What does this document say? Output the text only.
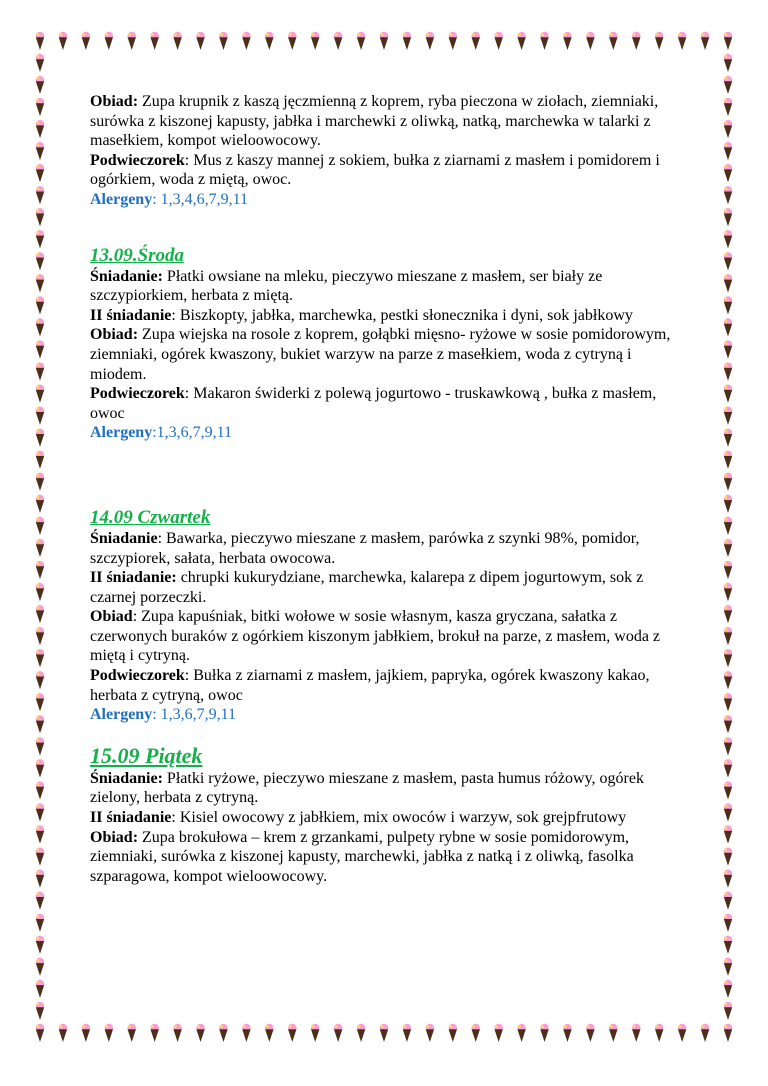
Obiad: Zupa krupnik z kaszą jęczmienną z koprem, ryba pieczona w ziołach, ziemniaki, surówka z kiszonej kapusty, jabłka i marchewki z oliwką, natką, marchewka w talarki z masełkiem, kompot wieloowocowy.

Podwieczorek: Mus z kaszy mannej z sokiem, bułka z ziarnami z masłem i pomidorem i ogórkiem, woda z miętą, owoc.

Alergeny: 1,3,4,6,7,9,11

13.09.Środa

Śniadanie: Płatki owsiane na mleku, pieczywo mieszane z masłem, ser biały ze szczypiorkiem, herbata z miętą.

II śniadanie: Biszkopty, jabłka, marchewka, pestki słonecznika i dyni, sok jabłkowy

Obiad: Zupa wiejska na rosole z koprem, gołąbki mięsno- ryżowe w sosie pomidorowym, ziemniaki, ogórek kwaszony, bukiet warzyw na parze z masełkiem, woda z cytryną i miodem.

Podwieczorek: Makaron świderki z polewą jogurtowo - truskawkową , bułka z masłem, owoc

Alergeny:1,3,6,7,9,11

14.09 Czwartek

Śniadanie: Bawarka, pieczywo mieszane z masłem, parówka z szynki 98%, pomidor, szczypiorek, sałata, herbata owocowa.

II śniadanie: chrupki kukurydziane, marchewka, kalarepa z dipem jogurtowym, sok z czarnej porzeczki.

Obiad: Zupa kapuśniak, bitki wołowe w sosie własnym, kasza gryczana, sałatka z czerwonych buraków z ogórkiem kiszonym jabłkiem, brokuł na parze, z masłem, woda z miętą i cytryną.

Podwieczorek: Bułka z ziarnami z masłem, jajkiem, papryka, ogórek kwaszony kakao, herbata z cytryną, owoc

Alergeny: 1,3,6,7,9,11

15.09 Piątek

Śniadanie: Płatki ryżowe, pieczywo mieszane z masłem, pasta humus różowy, ogórek zielony, herbata z cytryną.

II śniadanie: Kisiel owocowy z jabłkiem, mix owoców i warzyw, sok grejpfrutowy

Obiad: Zupa brokułowa – krem z grzankami, pulpety rybne w sosie pomidorowym, ziemniaki, surówka z kiszonej kapusty, marchewki, jabłka z natką i z oliwką, fasolka szparagowa, kompot wieloowocowy.
